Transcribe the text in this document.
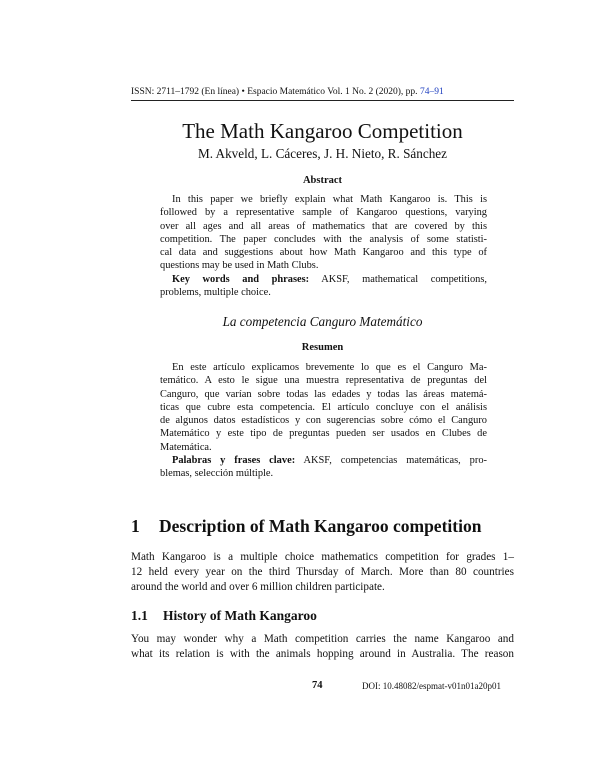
ISSN: 2711–1792 (En línea) • Espacio Matemático Vol. 1 No. 2 (2020), pp. 74–91
The Math Kangaroo Competition
M. Akveld, L. Cáceres, J. H. Nieto, R. Sánchez
Abstract
In this paper we briefly explain what Math Kangaroo is. This is
followed by a representative sample of Kangaroo questions, varying
over all ages and all areas of mathematics that are covered by this
competition. The paper concludes with the analysis of some statisti-
cal data and suggestions about how Math Kangaroo and this type of
questions may be used in Math Clubs.
Key words and phrases: AKSF, mathematical competitions,
problems, multiple choice.
La competencia Canguro Matemático
Resumen
En este artículo explicamos brevemente lo que es el Canguro Ma-
temático. A esto le sigue una muestra representativa de preguntas del
Canguro, que varían sobre todas las edades y todas las áreas matemá-
ticas que cubre esta competencia. El artículo concluye con el análisis
de algunos datos estadísticos y con sugerencias sobre cómo el Canguro
Matemático y este tipo de preguntas pueden ser usados en Clubes de
Matemática.
Palabras y frases clave: AKSF, competencias matemáticas, pro-
blemas, selección múltiple.
1 Description of Math Kangaroo competition
Math Kangaroo is a multiple choice mathematics competition for grades 1–
12 held every year on the third Thursday of March. More than 80 countries
around the world and over 6 million children participate.
1.1 History of Math Kangaroo
You may wonder why a Math competition carries the name Kangaroo and
what its relation is with the animals hopping around in Australia. The reason
74	DOI: 10.48082/espmat-v01n01a20p01
